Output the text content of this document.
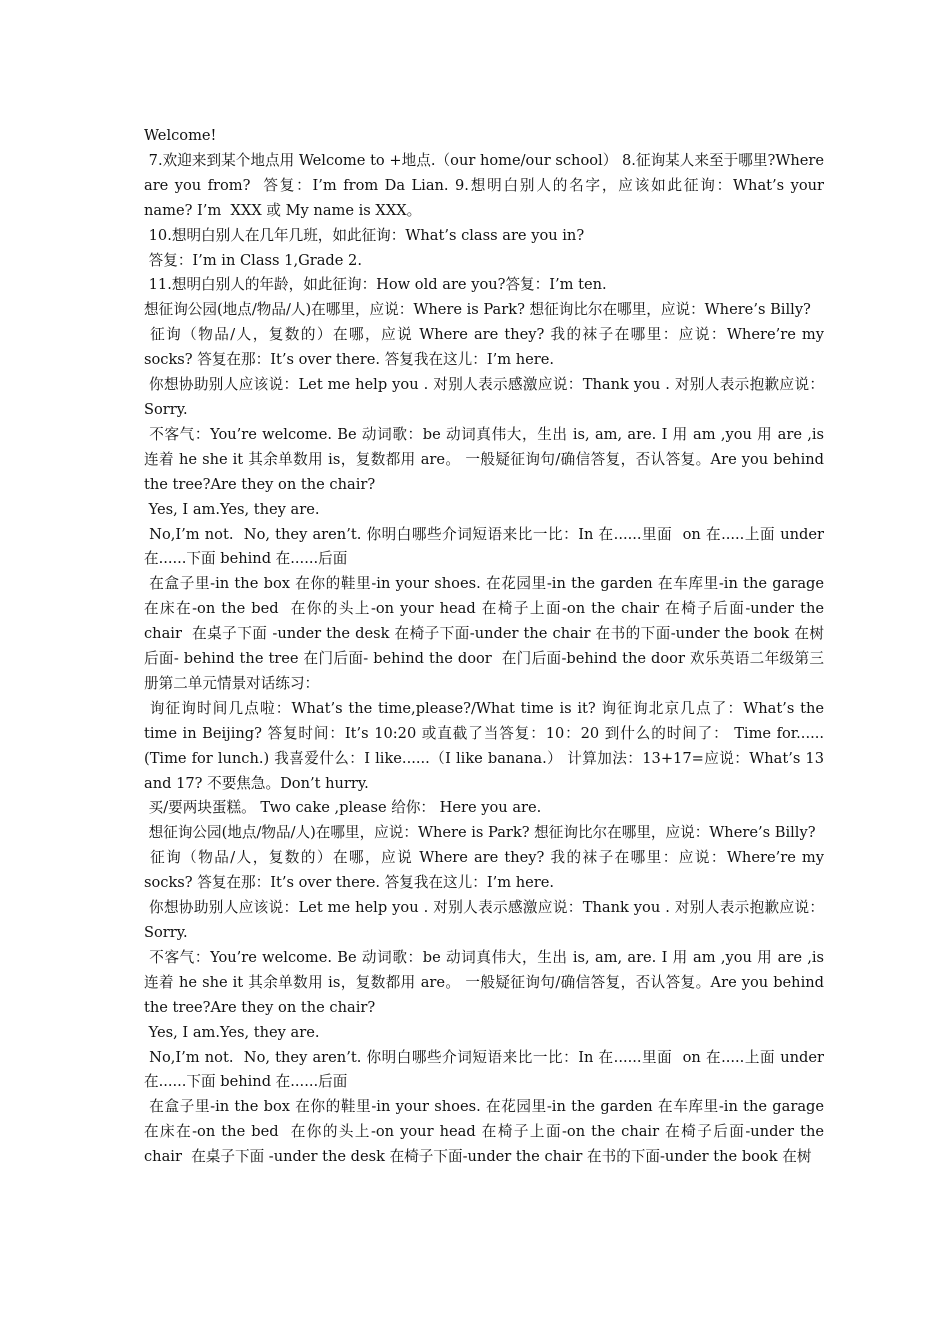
Welcome!

7.欢迎来到某个地点用 Welcome to +地点.（our home/our school） 8.征询某人来至于哪里?Where are you from?  答复：I’m from Da Lian. 9.想明白别人的名字，应该如此征询：What’s your name? I’m  XXX 或 My name is XXX。

10.想明白别人在几年几班，如此征询：What’s class are you in?

答复：I’m in Class 1,Grade 2.

11.想明白别人的年龄，如此征询：How old are you?答复：I’m ten.

想征询公园(地点/物品/人)在哪里，应说：Where is Park? 想征询比尔在哪里，应说：Where’s Billy?

征询（物品/人，复数的）在哪，应说 Where are they? 我的袜子在哪里：应说：Where’re my socks? 答复在那：It’s over there. 答复我在这儿：I’m here.

你想协助别人应该说：Let me help you . 对别人表示感激应说：Thank you . 对别人表示抱歉应说：Sorry.

不客气：You’re welcome. Be 动词歌：be 动词真伟大，生出 is, am, are. I 用 am ,you 用 are ,is  连着 he she it 其余单数用 is，复数都用 are。 一般疑征询句/确信答复，否认答复。Are you behind the tree?Are they on the chair?

Yes, I am.Yes, they are.

No,I’m not.  No, they aren’t. 你明白哪些介词短语来比一比：In 在......里面  on 在.....上面 under 在......下面 behind 在......后面

在盒子里-in the box 在你的鞋里-in your shoes. 在花园里-in the garden 在车库里-in the garage 在床在-on the bed  在你的头上-on your head 在椅子上面-on the chair 在椅子后面-under the chair  在桌子下面 -under the desk 在椅子下面-under the chair 在书的下面-under the book 在树后面- behind the tree 在门后面- behind the door  在门后面-behind the door 欢乐英语二年级第三册第二单元情景对话练习：

询征询时间几点啦：What’s the time,please?/What time is it? 询征询北京几点了：What’s the time in Beijing? 答复时间：It’s 10:20 或直截了当答复：10：20 到什么的时间了： Time for......(Time for lunch.) 我喜爱什么：I like......（I like banana.） 计算加法：13+17=应说：What’s 13 and 17? 不要焦急。Don’t hurry.

买/要两块蛋糕。 Two cake ,please 给你： Here you are.

想征询公园(地点/物品/人)在哪里，应说：Where is Park? 想征询比尔在哪里，应说：Where’s Billy?

征询（物品/人，复数的）在哪，应说 Where are they? 我的袜子在哪里：应说：Where’re my socks? 答复在那：It’s over there. 答复我在这儿：I’m here.

你想协助别人应该说：Let me help you . 对别人表示感激应说：Thank you . 对别人表示抱歉应说：Sorry.

不客气：You’re welcome. Be 动词歌：be 动词真伟大，生出 is, am, are. I 用 am ,you 用 are ,is  连着 he she it 其余单数用 is，复数都用 are。 一般疑征询句/确信答复，否认答复。Are you behind the tree?Are they on the chair?

Yes, I am.Yes, they are.

No,I’m not.  No, they aren’t. 你明白哪些介词短语来比一比：In 在......里面  on 在.....上面 under 在......下面 behind 在......后面

在盒子里-in the box 在你的鞋里-in your shoes. 在花园里-in the garden 在车库里-in the garage 在床在-on the bed  在你的头上-on your head 在椅子上面-on the chair 在椅子后面-under the chair  在桌子下面 -under the desk 在椅子下面-under the chair 在书的下面-under the book 在树
